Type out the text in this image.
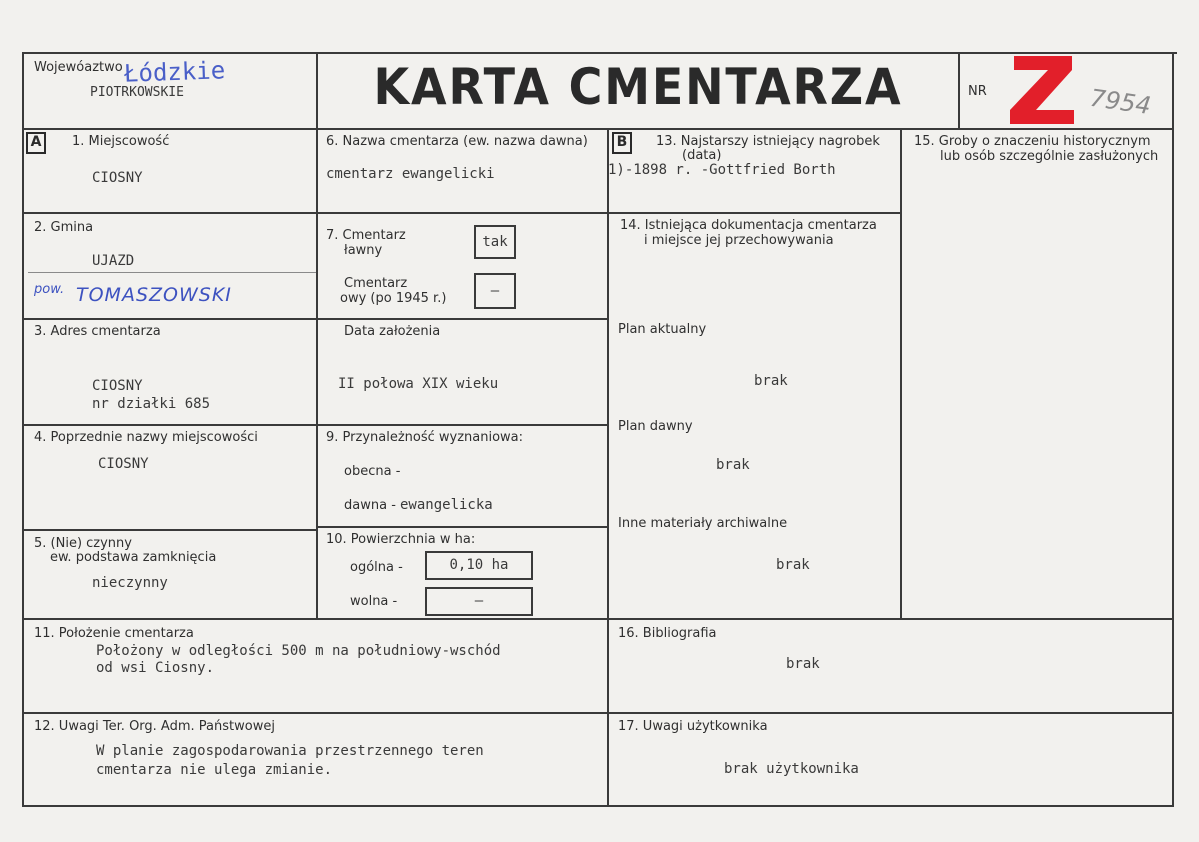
Wojewóaztwo Łódzkie
PIOTRKOWSKIE	KARTA CMENTARZA	NR	7954
A	1. Miejscowość
CIOSNY
2. Gmina
UJAZD
pow. TOMASZOWSKI
3. Adres cmentarza
CIOSNY
nr działki 685
4. Poprzednie nazwy miejscowości
CIOSNY
5. (Nie) czynny
ew. podstawa zamknięcia
nieczynny
6. Nazwa cmentarza (ew. nazwa dawna)
cmentarz ewangelicki
7. Cmentarz
ławny
tak
Cmentarz
owy (po 1945 r.)	–
Data założenia
II połowa XIX wieku
9. Przynależność wyznaniowa:
obecna -
dawna - ewangelicka
10. Powierzchnia w ha:
ogólna -	0,10 ha
wolna -	–
B	13. Najstarszy istniejący nagrobek
(data)
1)-1898 r. -Gottfried Borth
14. Istniejąca dokumentacja cmentarza
i miejsce jej przechowywania
Plan aktualny
brak
Plan dawny
brak
Inne materiały archiwalne
brak
15. Groby o znaczeniu historycznym
lub osób szczególnie zasłużonych
11. Położenie cmentarza
Położony w odległości 500 m na południowy-wschód
od wsi Ciosny.
16. Bibliografia
brak
12. Uwagi Ter. Org. Adm. Państwowej
W planie zagospodarowania przestrzennego teren
cmentarza nie ulega zmianie.
17. Uwagi użytkownika
brak użytkownika
